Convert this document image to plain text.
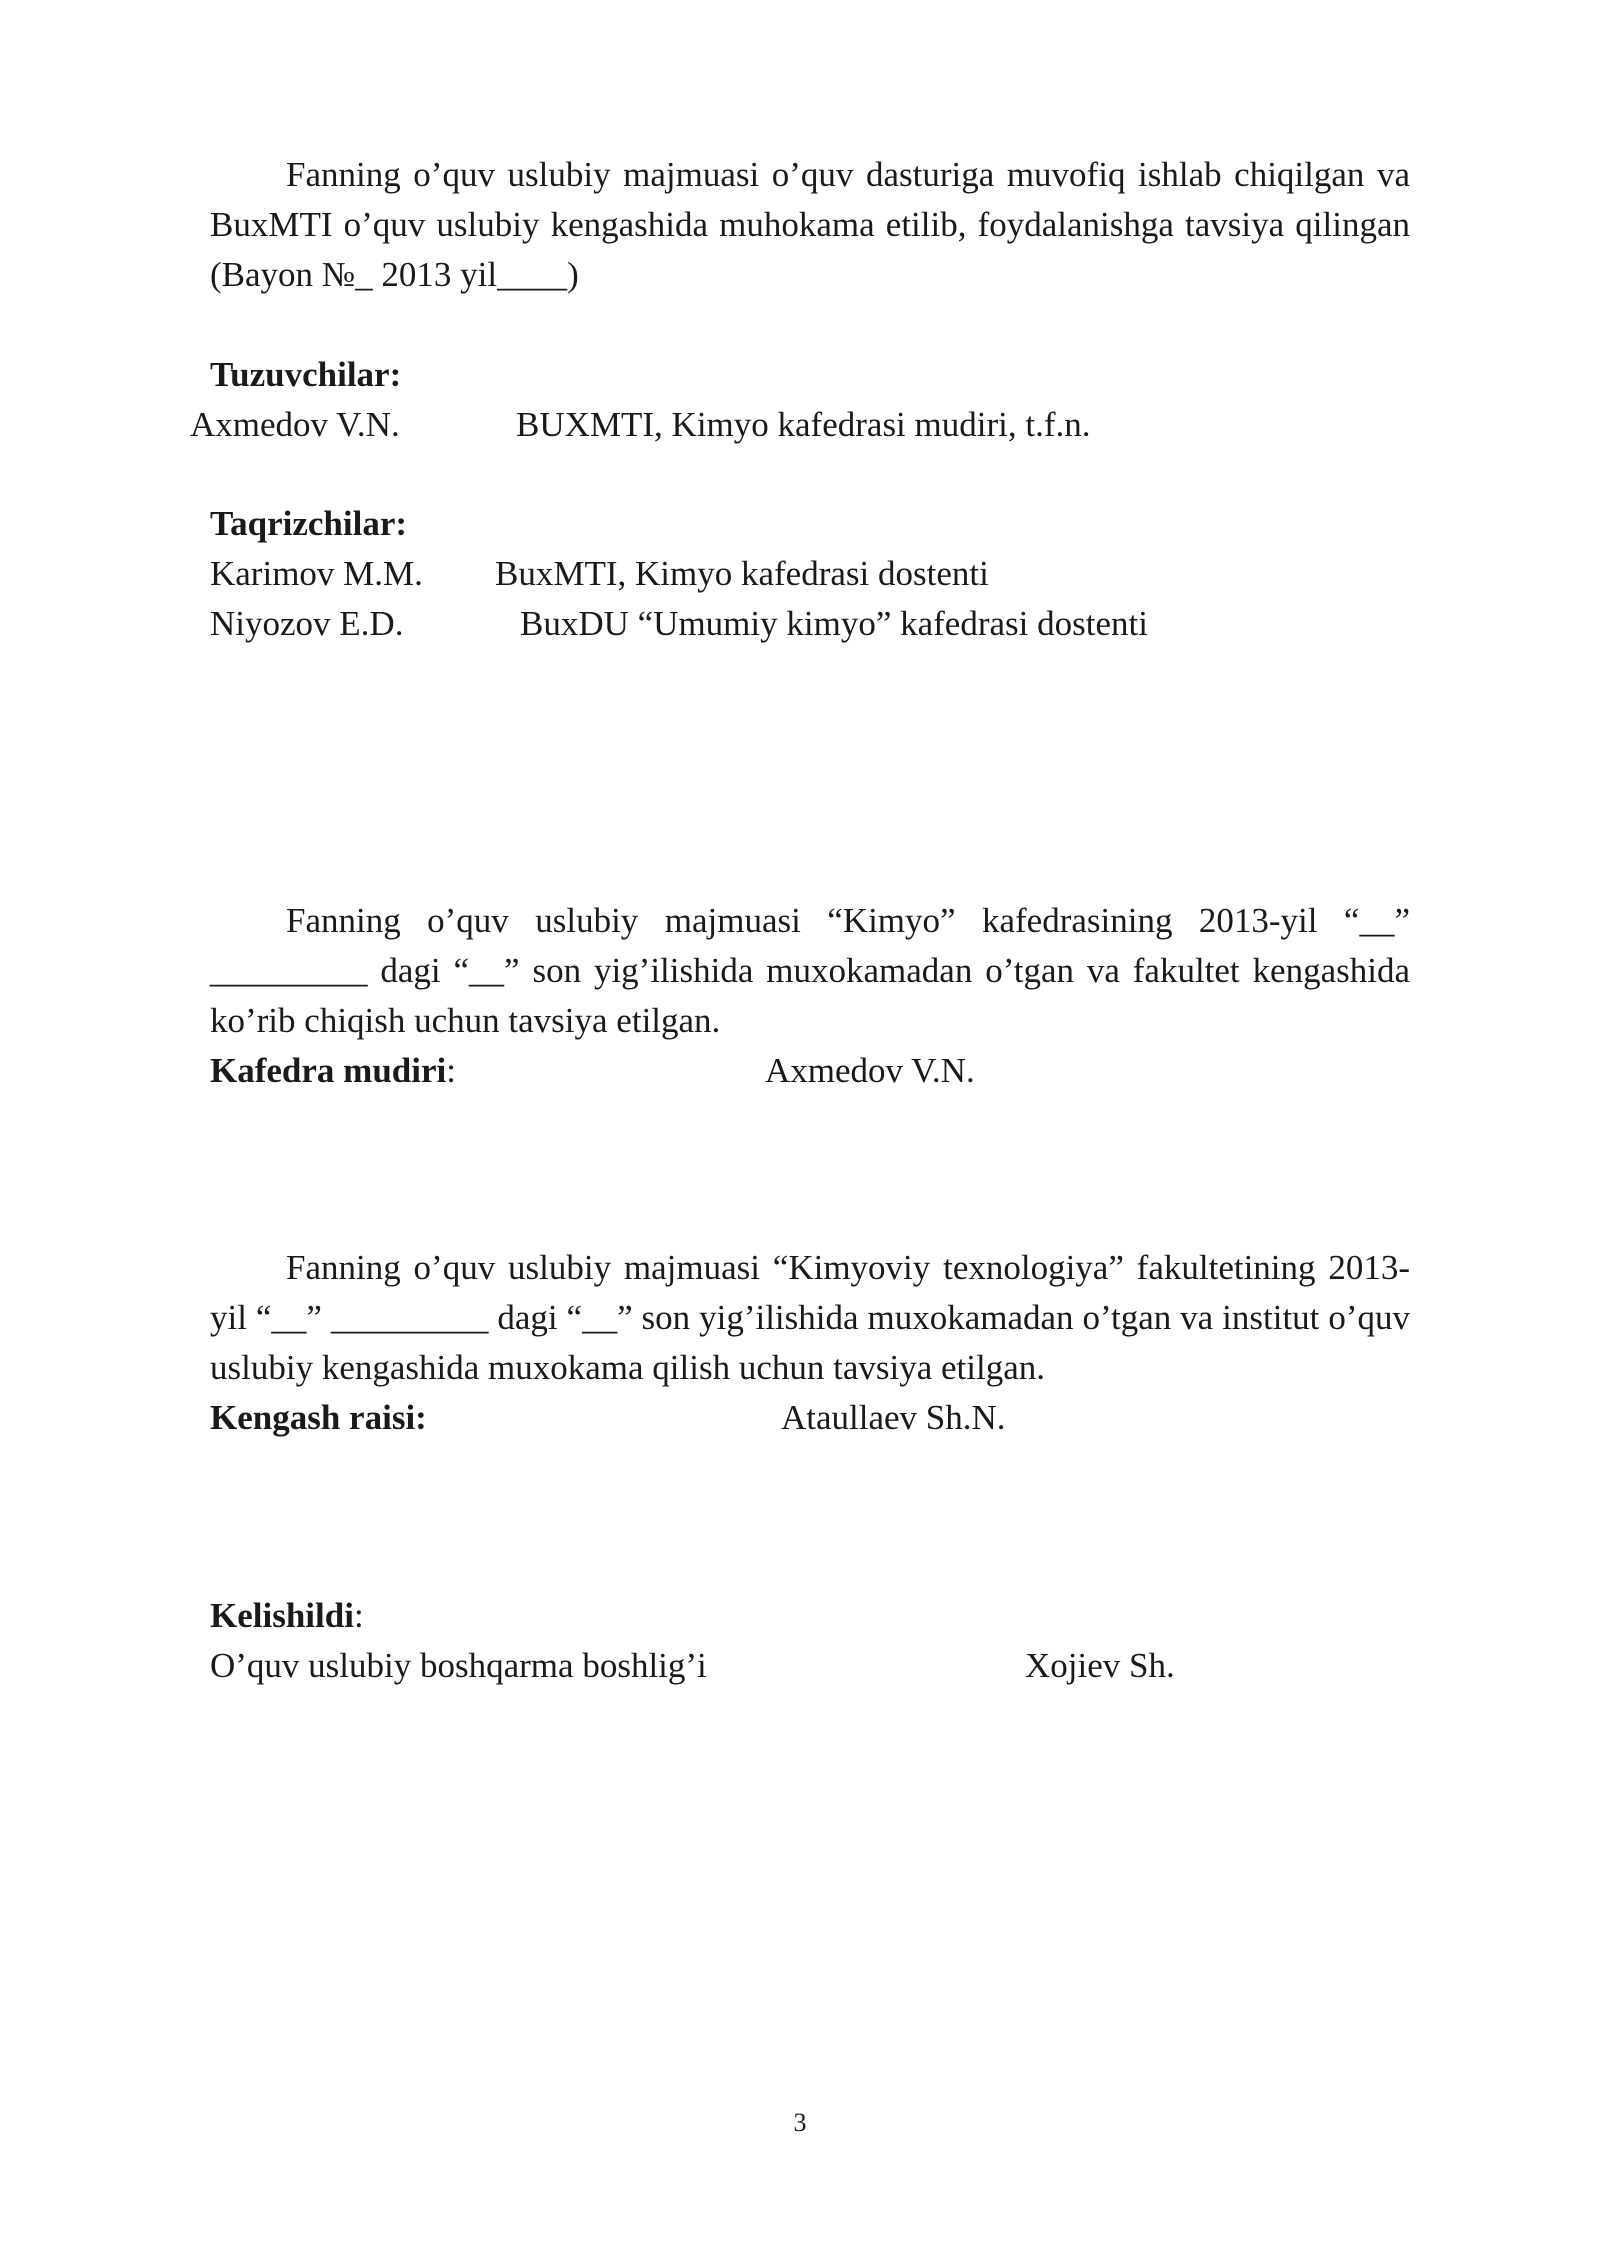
Fanning o’quv uslubiy majmuasi o’quv dasturiga muvofiq ishlab chiqilgan va BuxMTI o’quv uslubiy kengashida muhokama etilib, foydalanishga tavsiya qilingan (Bayon №_ 2013 yil____)
Tuzuvchilar:
Axmedov V.N.	BUXMTI, Kimyo kafedrasi mudiri, t.f.n.
Taqrizchilar:
Karimov M.M. BuxMTI, Kimyo kafedrasi dostenti
Niyozov E.D.	BuxDU “Umumiy kimyo” kafedrasi dostenti
Fanning o’quv uslubiy majmuasi “Kimyo” kafedrasining 2013-yil “__” _________ dagi “__” son yig’ilishida muxokamadan o’tgan va fakultet kengashida ko’rib chiqish uchun tavsiya etilgan.
Kafedra mudiri:	Axmedov V.N.
Fanning o’quv uslubiy majmuasi “Kimyoviy texnologiya” fakultetining 2013-yil “__” _________ dagi “__” son yig’ilishida muxokamadan o’tgan va institut o’quv uslubiy kengashida muxokama qilish uchun tavsiya etilgan.
Kengash raisi:	Ataullaev Sh.N.
Kelishildi:
O’quv uslubiy boshqarma boshlig’i	Xojiev Sh.
3
